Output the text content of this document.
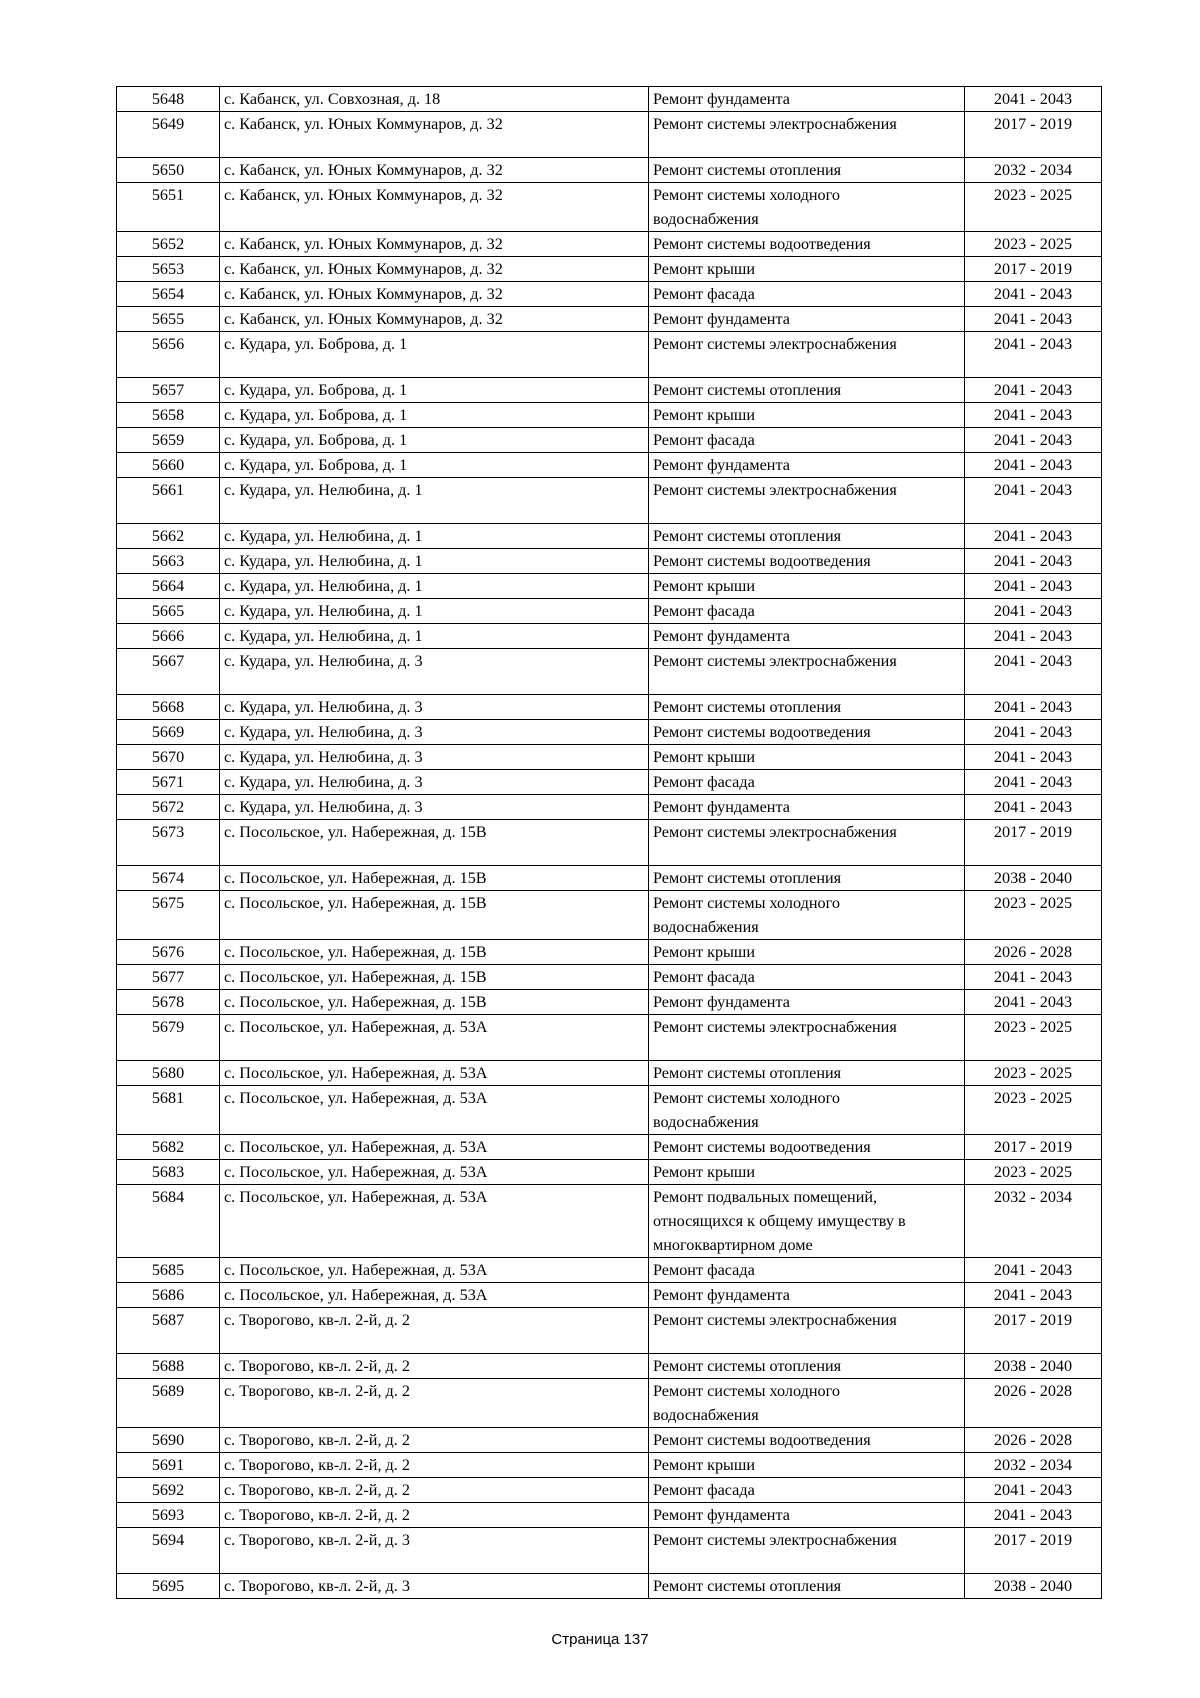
5648	с. Кабанск, ул. Совхозная, д. 18	Ремонт фундамента	2041 - 2043
5649	с. Кабанск, ул. Юных Коммунаров, д. 32	Ремонт системы электроснабжения	2017 - 2019
5650	с. Кабанск, ул. Юных Коммунаров, д. 32	Ремонт системы отопления	2032 - 2034
5651	с. Кабанск, ул. Юных Коммунаров, д. 32	Ремонт системы холодного
водоснабжения	2023 - 2025
5652	с. Кабанск, ул. Юных Коммунаров, д. 32	Ремонт системы водоотведения	2023 - 2025
5653	с. Кабанск, ул. Юных Коммунаров, д. 32	Ремонт крыши	2017 - 2019
5654	с. Кабанск, ул. Юных Коммунаров, д. 32	Ремонт фасада	2041 - 2043
5655	с. Кабанск, ул. Юных Коммунаров, д. 32	Ремонт фундамента	2041 - 2043
5656	с. Кудара, ул. Боброва, д. 1	Ремонт системы электроснабжения	2041 - 2043
5657	с. Кудара, ул. Боброва, д. 1	Ремонт системы отопления	2041 - 2043
5658	с. Кудара, ул. Боброва, д. 1	Ремонт крыши	2041 - 2043
5659	с. Кудара, ул. Боброва, д. 1	Ремонт фасада	2041 - 2043
5660	с. Кудара, ул. Боброва, д. 1	Ремонт фундамента	2041 - 2043
5661	с. Кудара, ул. Нелюбина, д. 1	Ремонт системы электроснабжения	2041 - 2043
5662	с. Кудара, ул. Нелюбина, д. 1	Ремонт системы отопления	2041 - 2043
5663	с. Кудара, ул. Нелюбина, д. 1	Ремонт системы водоотведения	2041 - 2043
5664	с. Кудара, ул. Нелюбина, д. 1	Ремонт крыши	2041 - 2043
5665	с. Кудара, ул. Нелюбина, д. 1	Ремонт фасада	2041 - 2043
5666	с. Кудара, ул. Нелюбина, д. 1	Ремонт фундамента	2041 - 2043
5667	с. Кудара, ул. Нелюбина, д. 3	Ремонт системы электроснабжения	2041 - 2043
5668	с. Кудара, ул. Нелюбина, д. 3	Ремонт системы отопления	2041 - 2043
5669	с. Кудара, ул. Нелюбина, д. 3	Ремонт системы водоотведения	2041 - 2043
5670	с. Кудара, ул. Нелюбина, д. 3	Ремонт крыши	2041 - 2043
5671	с. Кудара, ул. Нелюбина, д. 3	Ремонт фасада	2041 - 2043
5672	с. Кудара, ул. Нелюбина, д. 3	Ремонт фундамента	2041 - 2043
5673	с. Посольское, ул. Набережная, д. 15В	Ремонт системы электроснабжения	2017 - 2019
5674	с. Посольское, ул. Набережная, д. 15В	Ремонт системы отопления	2038 - 2040
5675	с. Посольское, ул. Набережная, д. 15В	Ремонт системы холодного
водоснабжения	2023 - 2025
5676	с. Посольское, ул. Набережная, д. 15В	Ремонт крыши	2026 - 2028
5677	с. Посольское, ул. Набережная, д. 15В	Ремонт фасада	2041 - 2043
5678	с. Посольское, ул. Набережная, д. 15В	Ремонт фундамента	2041 - 2043
5679	с. Посольское, ул. Набережная, д. 53А	Ремонт системы электроснабжения	2023 - 2025
5680	с. Посольское, ул. Набережная, д. 53А	Ремонт системы отопления	2023 - 2025
5681	с. Посольское, ул. Набережная, д. 53А	Ремонт системы холодного
водоснабжения	2023 - 2025
5682	с. Посольское, ул. Набережная, д. 53А	Ремонт системы водоотведения	2017 - 2019
5683	с. Посольское, ул. Набережная, д. 53А	Ремонт крыши	2023 - 2025
5684	с. Посольское, ул. Набережная, д. 53А	Ремонт подвальных помещений,
относящихся к общему имуществу в
многоквартирном доме	2032 - 2034
5685	с. Посольское, ул. Набережная, д. 53А	Ремонт фасада	2041 - 2043
5686	с. Посольское, ул. Набережная, д. 53А	Ремонт фундамента	2041 - 2043
5687	с. Творогово, кв-л. 2-й, д. 2	Ремонт системы электроснабжения	2017 - 2019
5688	с. Творогово, кв-л. 2-й, д. 2	Ремонт системы отопления	2038 - 2040
5689	с. Творогово, кв-л. 2-й, д. 2	Ремонт системы холодного
водоснабжения	2026 - 2028
5690	с. Творогово, кв-л. 2-й, д. 2	Ремонт системы водоотведения	2026 - 2028
5691	с. Творогово, кв-л. 2-й, д. 2	Ремонт крыши	2032 - 2034
5692	с. Творогово, кв-л. 2-й, д. 2	Ремонт фасада	2041 - 2043
5693	с. Творогово, кв-л. 2-й, д. 2	Ремонт фундамента	2041 - 2043
5694	с. Творогово, кв-л. 2-й, д. 3	Ремонт системы электроснабжения	2017 - 2019
5695	с. Творогово, кв-л. 2-й, д. 3	Ремонт системы отопления	2038 - 2040
Страница 137
